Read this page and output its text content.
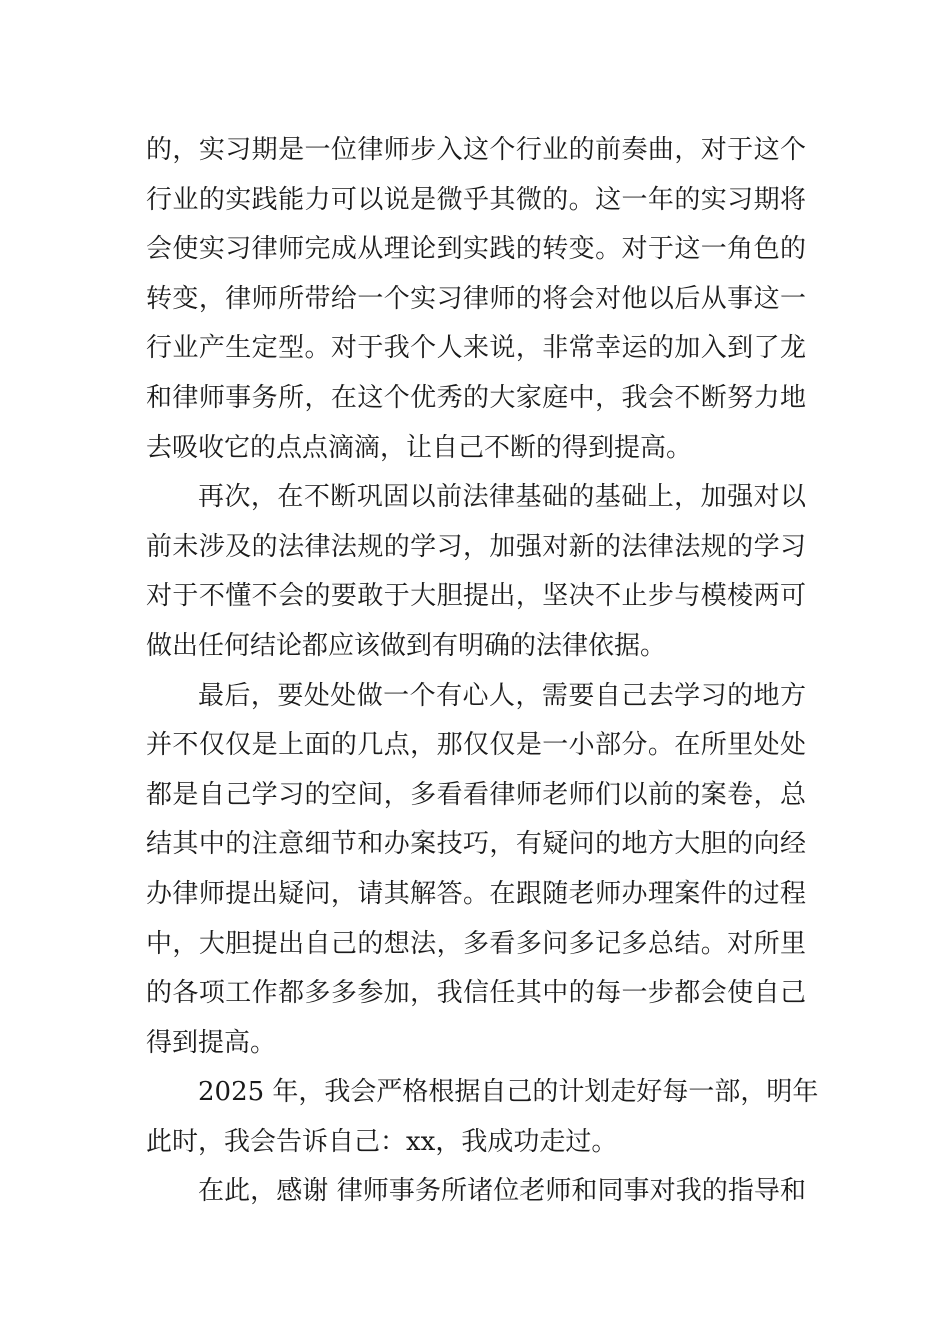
的，实习期是一位律师步入这个行业的前奏曲，对于这个
行业的实践能力可以说是微乎其微的。这一年的实习期将
会使实习律师完成从理论到实践的转变。对于这一角色的
转变，律师所带给一个实习律师的将会对他以后从事这一
行业产生定型。对于我个人来说，非常幸运的加入到了龙
和律师事务所，在这个优秀的大家庭中，我会不断努力地
去吸收它的点点滴滴，让自己不断的得到提高。
再次，在不断巩固以前法律基础的基础上，加强对以
前未涉及的法律法规的学习，加强对新的法律法规的学习
对于不懂不会的要敢于大胆提出，坚决不止步与模棱两可
做出任何结论都应该做到有明确的法律依据。
最后，要处处做一个有心人，需要自己去学习的地方
并不仅仅是上面的几点，那仅仅是一小部分。在所里处处
都是自己学习的空间，多看看律师老师们以前的案卷，总
结其中的注意细节和办案技巧，有疑问的地方大胆的向经
办律师提出疑问，请其解答。在跟随老师办理案件的过程
中，大胆提出自己的想法，多看多问多记多总结。对所里
的各项工作都多多参加，我信任其中的每一步都会使自己
得到提高。
2025 年，我会严格根据自己的计划走好每一部，明年
此时，我会告诉自己：xx，我成功走过。
在此，感谢 律师事务所诸位老师和同事对我的指导和
